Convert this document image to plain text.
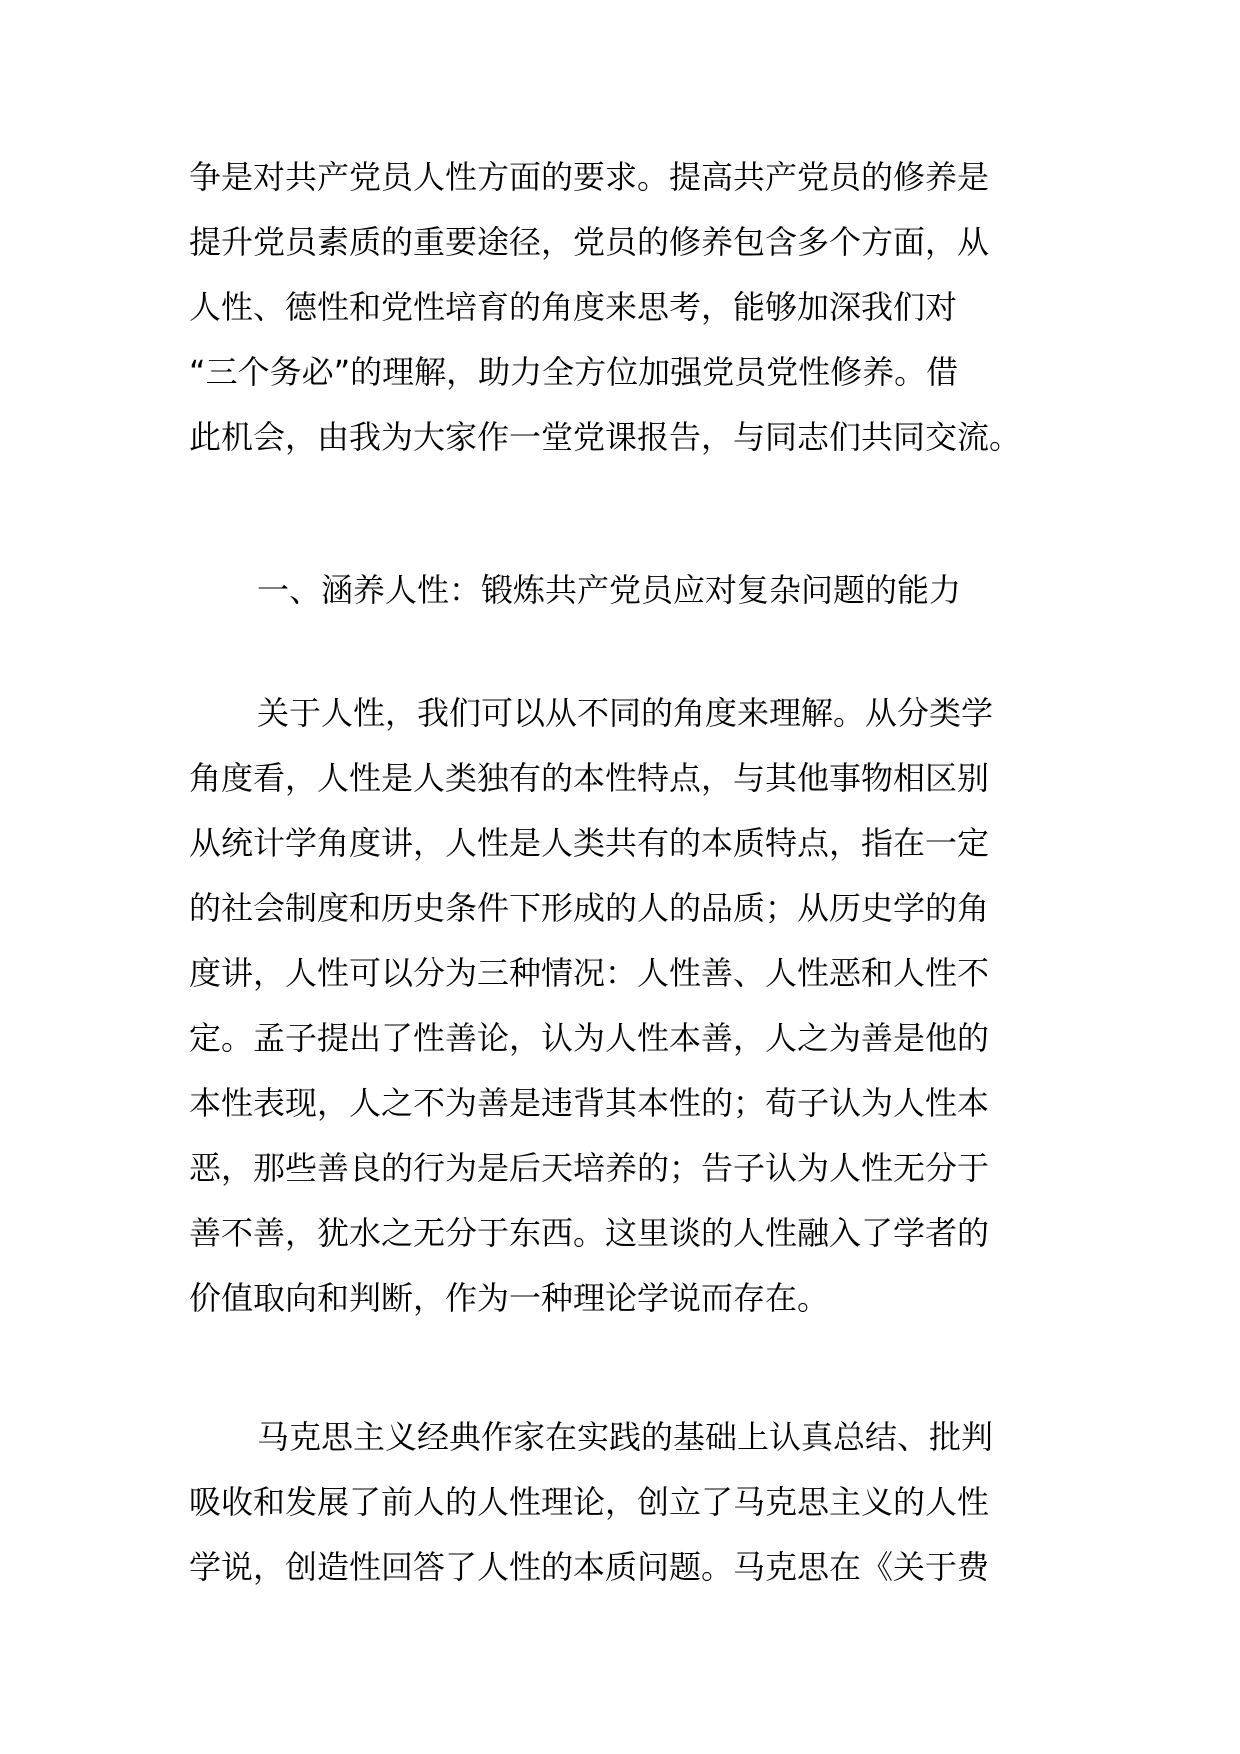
争是对共产党员人性方面的要求。提高共产党员的修养是
提升党员素质的重要途径，党员的修养包含多个方面，从
人性、德性和党性培育的角度来思考，能够加深我们对
“三个务必”的理解，助力全方位加强党员党性修养。借
此机会，由我为大家作一堂党课报告，与同志们共同交流。
一、涵养人性：锻炼共产党员应对复杂问题的能力
关于人性，我们可以从不同的角度来理解。从分类学
角度看，人性是人类独有的本性特点，与其他事物相区别
从统计学角度讲，人性是人类共有的本质特点，指在一定
的社会制度和历史条件下形成的人的品质；从历史学的角
度讲，人性可以分为三种情况：人性善、人性恶和人性不
定。孟子提出了性善论，认为人性本善，人之为善是他的
本性表现，人之不为善是违背其本性的；荀子认为人性本
恶，那些善良的行为是后天培养的；告子认为人性无分于
善不善，犹水之无分于东西。这里谈的人性融入了学者的
价值取向和判断，作为一种理论学说而存在。
马克思主义经典作家在实践的基础上认真总结、批判
吸收和发展了前人的人性理论，创立了马克思主义的人性
学说，创造性回答了人性的本质问题。马克思在《关于费
